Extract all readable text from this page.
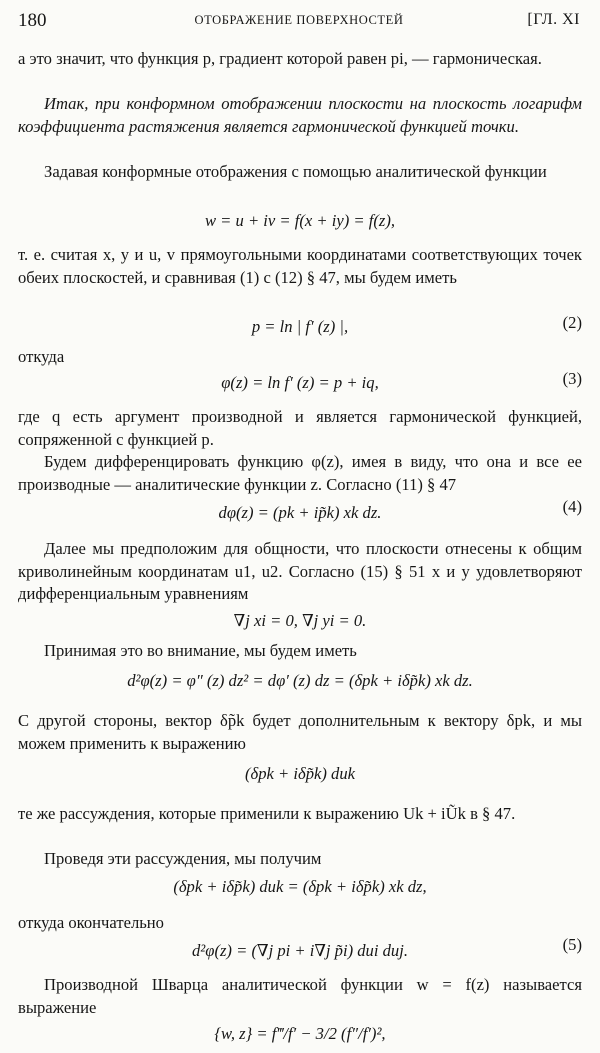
180	ОТОБРАЖЕНИЕ ПОВЕРХНОСТЕЙ	[ГЛ. XI

а это значит, что функция p, градиент которой равен pi, — гармоническая.

Итак, при конформном отображении плоскости на плоскость логарифм коэффициента растяжения является гармонической функцией точки.

Задавая конформные отображения с помощью аналитической функции

w = u + iv = f(x + iy) = f(z),

т. е. считая x, y и u, v прямоугольными координатами соответствующих точек обеих плоскостей, и сравнивая (1) с (12) § 47, мы будем иметь

p = ln | f′ (z) |,	(2)

откуда

φ(z) = ln f′ (z) = p + iq,	(3)

где q есть аргумент производной и является гармонической функцией, сопряженной с функцией p.

Будем дифференцировать функцию φ(z), имея в виду, что она и все ее производные — аналитические функции z. Согласно (11) § 47

dφ(z) = (pk + ip̃k) xk dz.	(4)

Далее мы предположим для общности, что плоскости отнесены к общим криволинейным координатам u1, u2. Согласно (15) § 51 x и y удовлетворяют дифференциальным уравнениям

∇j xi = 0, ∇j yi = 0.

Принимая это во внимание, мы будем иметь

d²φ(z) = φ″ (z) dz² = dφ′ (z) dz = (δpk + iδp̃k) xk dz.

С другой стороны, вектор δp̃k будет дополнительным к вектору δpk, и мы можем применить к выражению

(δpk + iδp̃k) duk

те же рассуждения, которые применили к выражению Uk + iŨk в § 47.

Проведя эти рассуждения, мы получим

(δpk + iδp̃k) duk = (δpk + iδp̃k) xk dz,

откуда окончательно

d²φ(z) = (∇j pi + i∇j p̃i) dui duj.	(5)

Производной Шварца аналитической функции w = f(z) называется выражение

{w, z} = f‴/f′ − 3/2 (f″/f′)²,
